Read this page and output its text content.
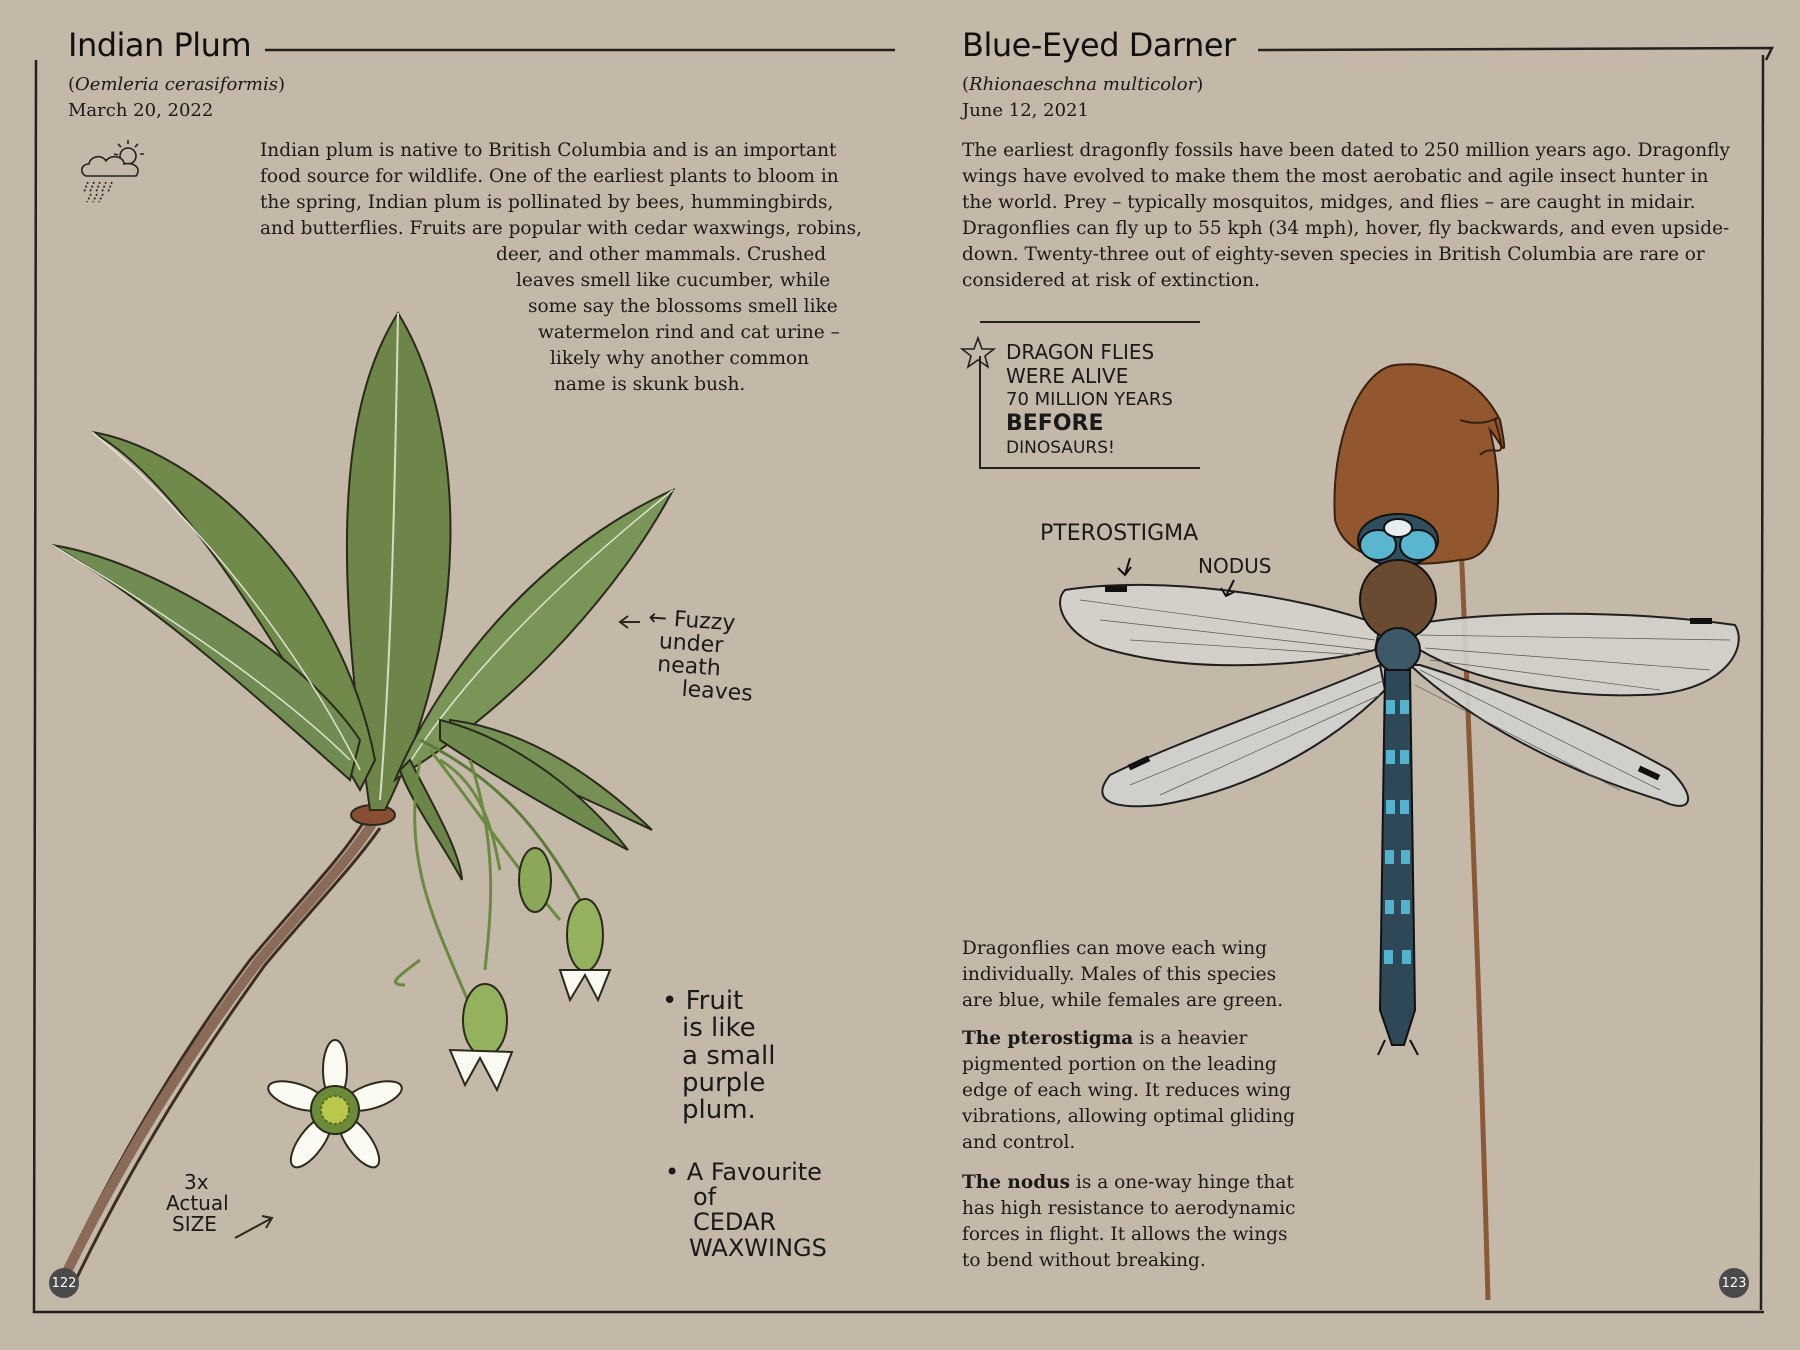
Indian Plum
(Oemleria cerasiformis)
March 20, 2022
Indian plum is native to British Columbia and is an important
food source for wildlife. One of the earliest plants to bloom in
the spring, Indian plum is pollinated by bees, hummingbirds,
and butterflies. Fruits are popular with cedar waxwings, robins,
deer, and other mammals. Crushed
leaves smell like cucumber, while
some say the blossoms smell like
watermelon rind and cat urine –
likely why another common
name is skunk bush.
← Fuzzy
under
neath
leaves
3x
Actual
SIZE
• Fruit
is like
a small
purple
plum.
• A Favourite
of
CEDAR
WAXWINGS
122
Blue-Eyed Darner
(Rhionaeschna multicolor)
June 12, 2021
The earliest dragonfly fossils have been dated to 250 million years ago. Dragonfly
wings have evolved to make them the most aerobatic and agile insect hunter in
the world. Prey – typically mosquitos, midges, and flies – are caught in midair.
Dragonflies can fly up to 55 kph (34 mph), hover, fly backwards, and even upside-
down. Twenty-three out of eighty-seven species in British Columbia are rare or
considered at risk of extinction.
DRAGON FLIES
WERE ALIVE
70 MILLION YEARS
BEFORE
DINOSAURS!
PTEROSTIGMA
NODUS

Dragonflies can move each wing individually. Males of this species are blue, while females are green.

The pterostigma is a heavier pigmented portion on the leading edge of each wing. It reduces wing vibrations, allowing optimal gliding and control.

The nodus is a one-way hinge that has high resistance to aerodynamic forces in flight. It allows the wings to bend without breaking.

123
